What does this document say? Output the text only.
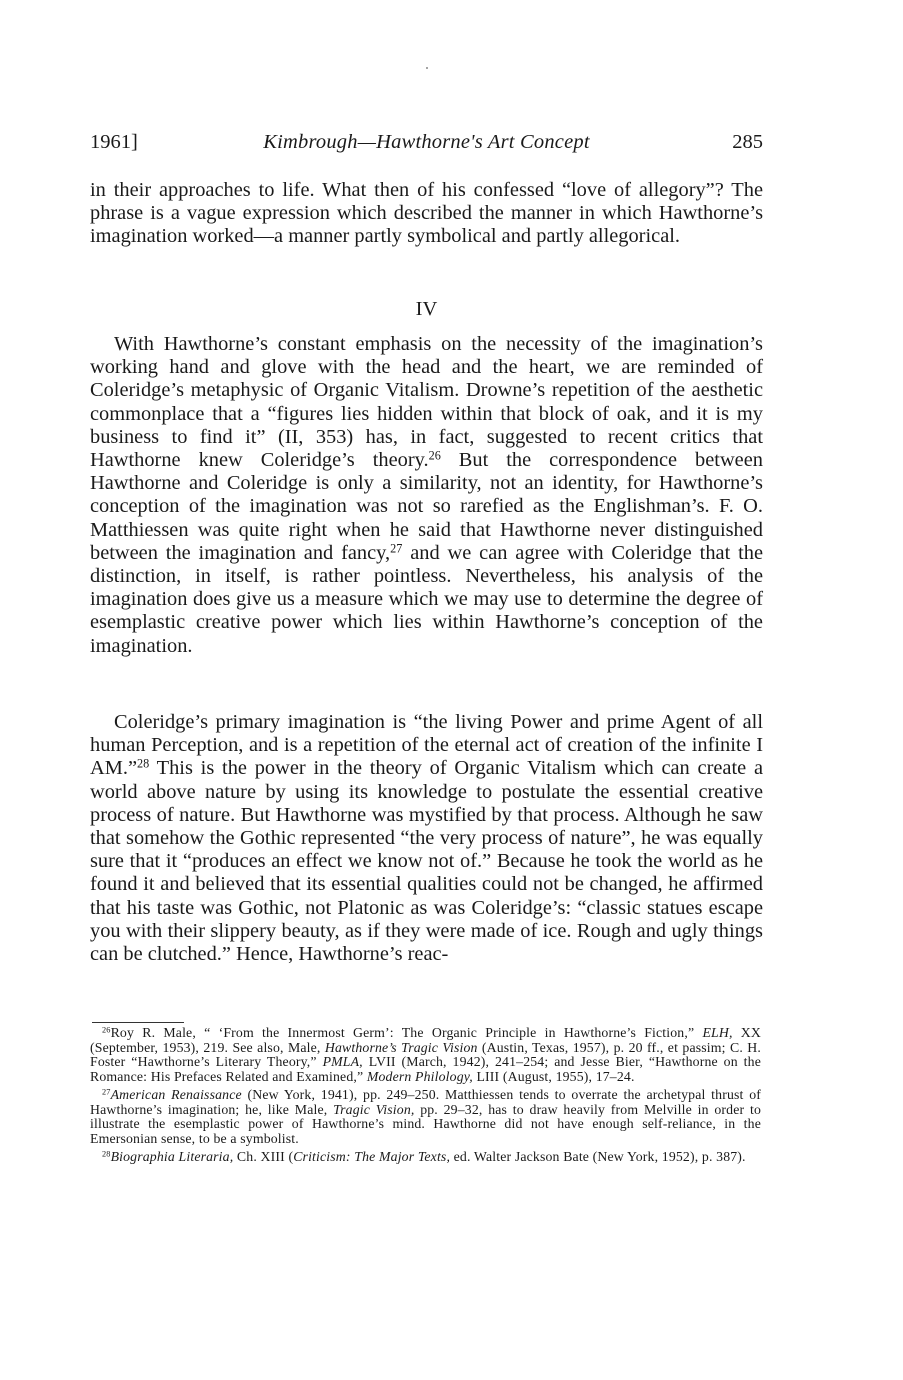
1961]	Kimbrough—Hawthorne's Art Concept	285

in their approaches to life. What then of his confessed “love of allegory”? The phrase is a vague expression which described the manner in which Hawthorne’s imagination worked—a manner partly symbolical and partly allegorical.

IV

With Hawthorne’s constant emphasis on the necessity of the imagination’s working hand and glove with the head and the heart, we are reminded of Coleridge’s metaphysic of Organic Vitalism. Drowne’s repetition of the aesthetic commonplace that a “figures lies hidden within that block of oak, and it is my business to find it” (II, 353) has, in fact, suggested to recent critics that Hawthorne knew Coleridge’s theory.$^{26}$ But the correspondence between Hawthorne and Coleridge is only a similarity, not an identity, for Hawthorne’s conception of the imagination was not so rarefied as the Englishman’s. F. O. Matthiessen was quite right when he said that Hawthorne never distinguished between the imagination and fancy,$^{27}$ and we can agree with Coleridge that the distinction, in itself, is rather pointless. Nevertheless, his analysis of the imagination does give us a measure which we may use to determine the degree of esemplastic creative power which lies within Hawthorne’s conception of the imagination.

Coleridge’s primary imagination is “the living Power and prime Agent of all human Perception, and is a repetition of the eternal act of creation of the infinite I AM.”$^{28}$ This is the power in the theory of Organic Vitalism which can create a world above nature by using its knowledge to postulate the essential creative process of nature. But Hawthorne was mystified by that process. Although he saw that somehow the Gothic represented “the very process of nature”, he was equally sure that it “produces an effect we know not of.” Because he took the world as he found it and believed that its essential qualities could not be changed, he affirmed that his taste was Gothic, not Platonic as was Coleridge’s: “classic statues escape you with their slippery beauty, as if they were made of ice. Rough and ugly things can be clutched.” Hence, Hawthorne’s reac-

$^{26}$Roy R. Male, “ ‘From the Innermost Germ’: The Organic Principle in Hawthorne’s Fiction,” ELH, XX (September, 1953), 219. See also, Male, Hawthorne’s Tragic Vision (Austin, Texas, 1957), p. 20 ff., et passim; C. H. Foster “Hawthorne’s Literary Theory,” PMLA, LVII (March, 1942), 241–254; and Jesse Bier, “Hawthorne on the Romance: His Prefaces Related and Examined,” Modern Philology, LIII (August, 1955), 17–24.

$^{27}$American Renaissance (New York, 1941), pp. 249–250. Matthiessen tends to overrate the archetypal thrust of Hawthorne’s imagination; he, like Male, Tragic Vision, pp. 29–32, has to draw heavily from Melville in order to illustrate the esemplastic power of Hawthorne’s mind. Hawthorne did not have enough self-reliance, in the Emersonian sense, to be a symbolist.

$^{28}$Biographia Literaria, Ch. XIII (Criticism: The Major Texts, ed. Walter Jackson Bate (New York, 1952), p. 387).
